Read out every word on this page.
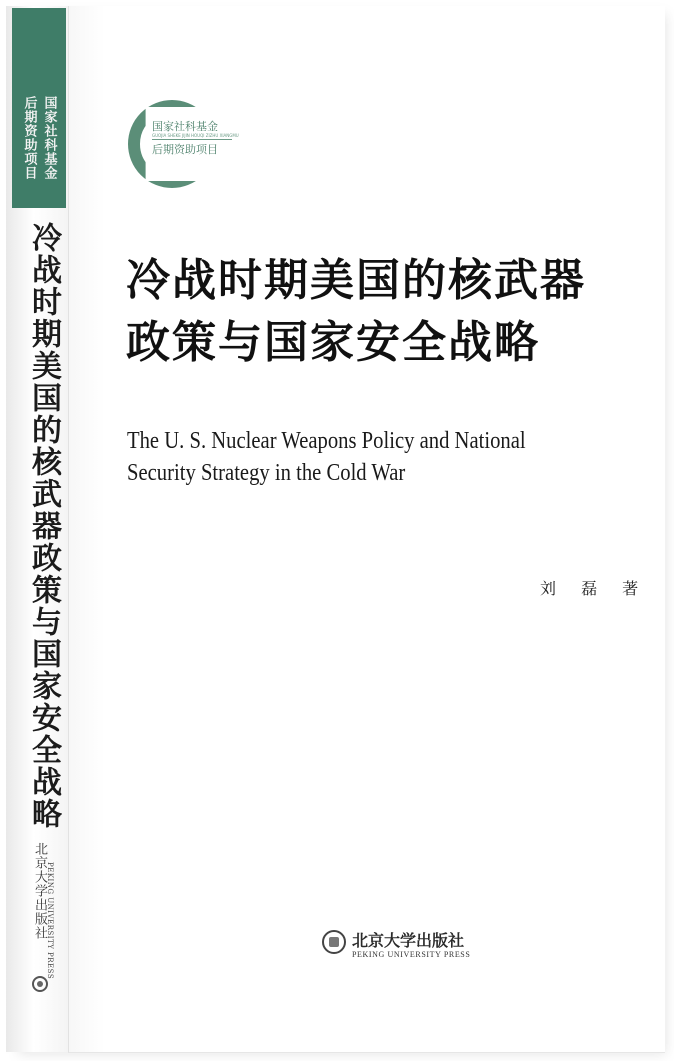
国家社科基金
后期资助项目
冷战时期美国的核武器政策与国家安全战略
北京大学出版社 PEKING UNIVERSITY PRESS
国家社科基金
GUOJIA SHEKE JIJIN HOUQI ZIZHU XIANGMU
后期资助项目
冷战时期美国的核武器
政策与国家安全战略
The U. S. Nuclear Weapons Policy and National
Security Strategy in the Cold War
刘 磊 著
北京大学出版社
PEKING UNIVERSITY PRESS
